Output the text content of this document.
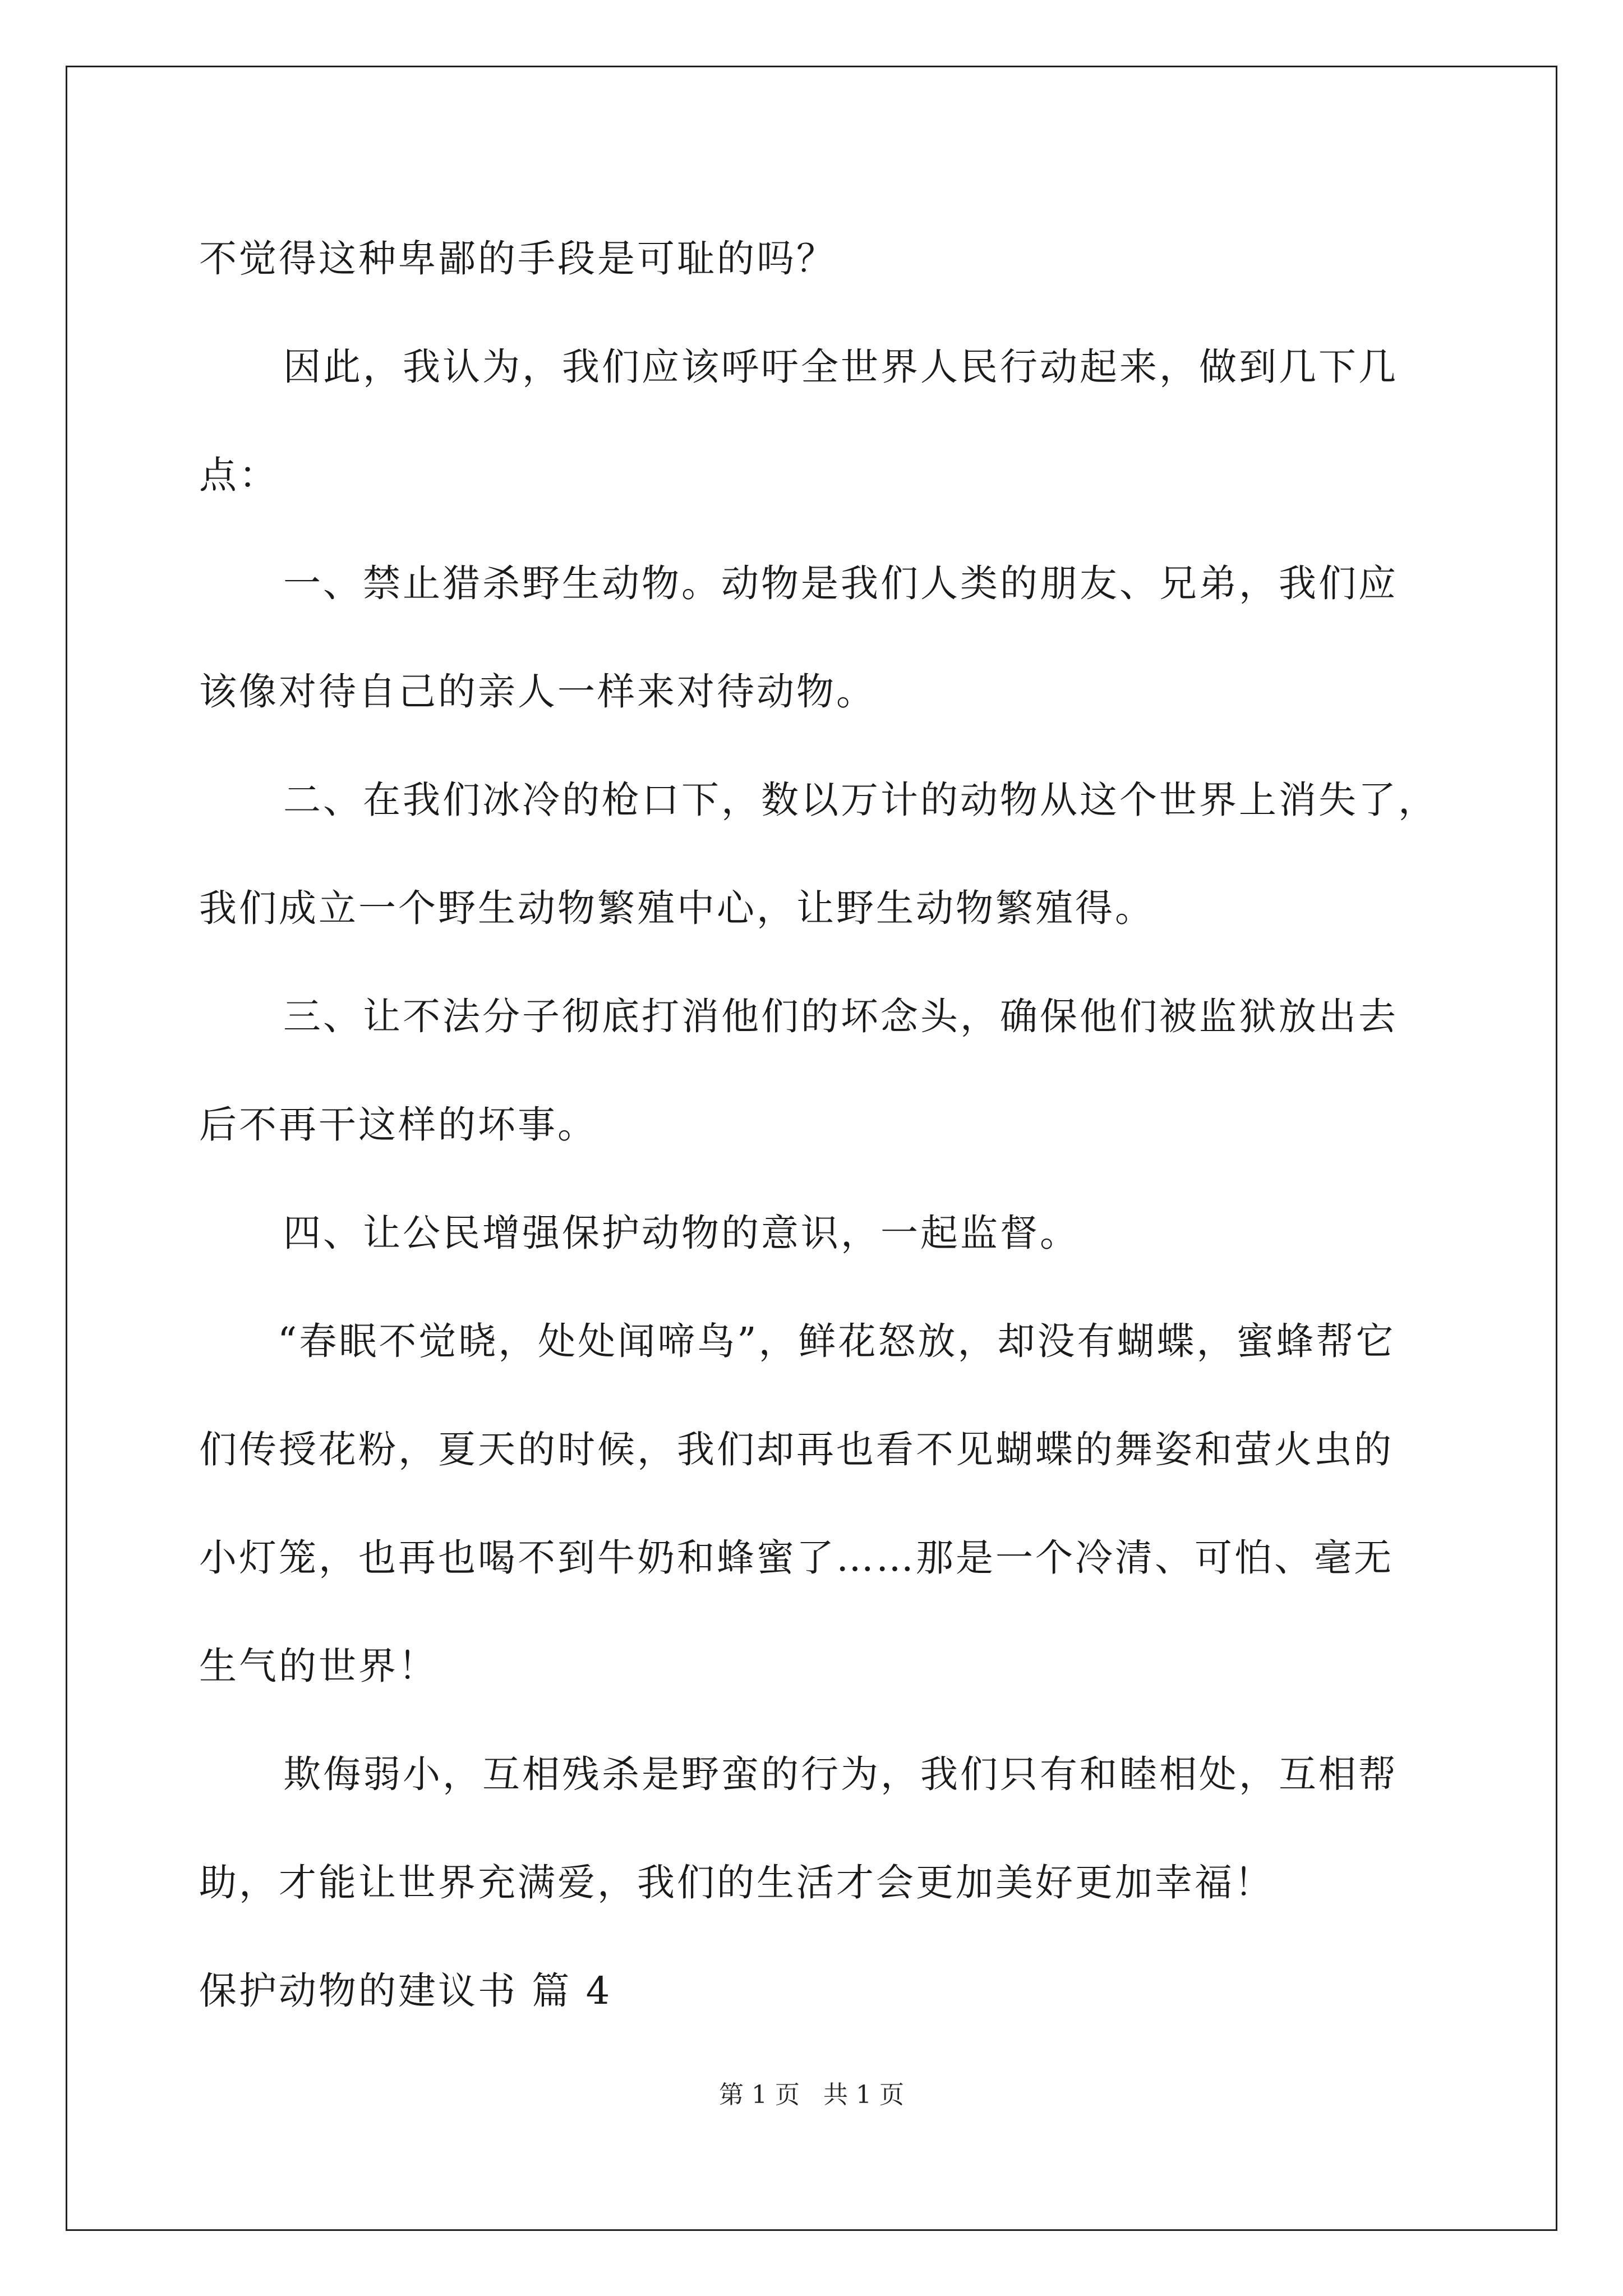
不觉得这种卑鄙的手段是可耻的吗？
因此，我认为，我们应该呼吁全世界人民行动起来，做到几下几
点：
一、禁止猎杀野生动物。动物是我们人类的朋友、兄弟，我们应
该像对待自己的亲人一样来对待动物。
二、在我们冰冷的枪口下，数以万计的动物从这个世界上消失了，
我们成立一个野生动物繁殖中心，让野生动物繁殖得。
三、让不法分子彻底打消他们的坏念头，确保他们被监狱放出去
后不再干这样的坏事。
四、让公民增强保护动物的意识，一起监督。
“春眠不觉晓，处处闻啼鸟”，鲜花怒放，却没有蝴蝶，蜜蜂帮它
们传授花粉，夏天的时候，我们却再也看不见蝴蝶的舞姿和萤火虫的
小灯笼，也再也喝不到牛奶和蜂蜜了……那是一个冷清、可怕、毫无
生气的世界！
欺侮弱小，互相残杀是野蛮的行为，我们只有和睦相处，互相帮
助，才能让世界充满爱，我们的生活才会更加美好更加幸福！
保护动物的建议书 篇 4
第 1 页 共 1 页
